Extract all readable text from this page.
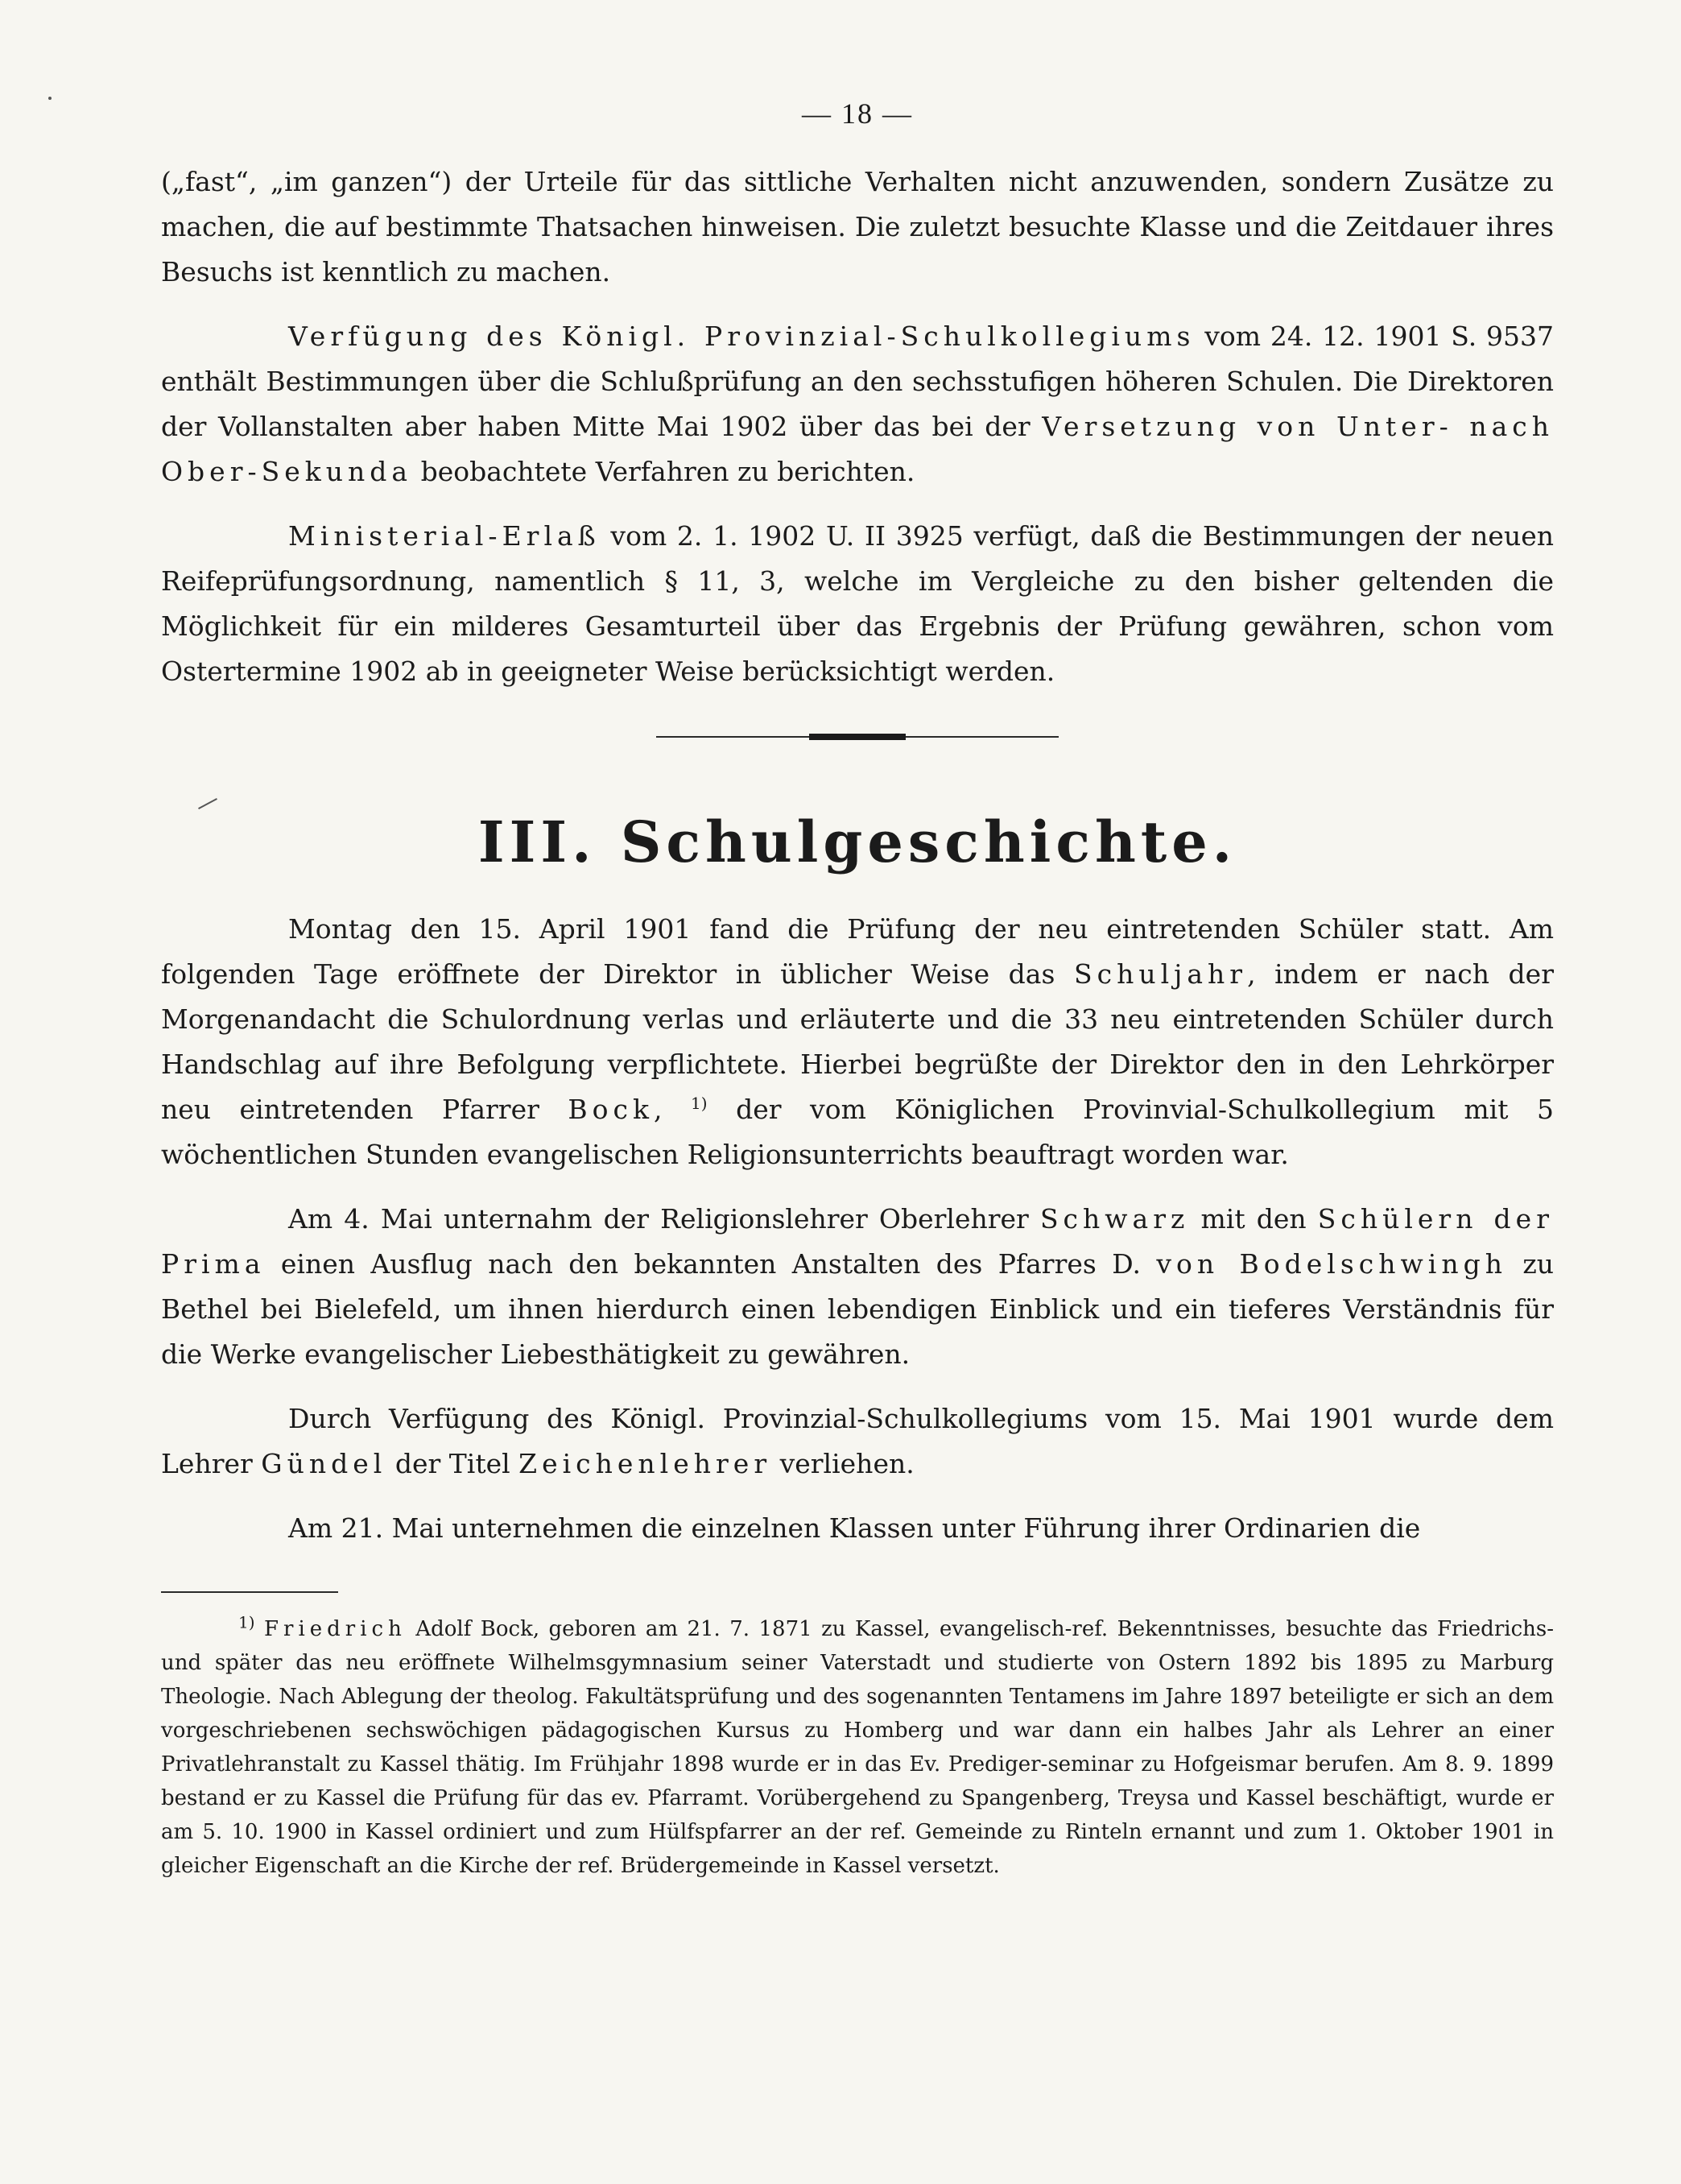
— 18 —

(„fast“, „im ganzen“) der Urteile für das sittliche Verhalten nicht anzuwenden, sondern Zusätze zu machen, die auf bestimmte Thatsachen hinweisen. Die zuletzt besuchte Klasse und die Zeitdauer ihres Besuchs ist kenntlich zu machen.

Verfügung des Königl. Provinzial-Schulkollegiums vom 24. 12. 1901 S. 9537 enthält Bestimmungen über die Schlußprüfung an den sechsstufigen höheren Schulen. Die Direktoren der Vollanstalten aber haben Mitte Mai 1902 über das bei der Versetzung von Unter- nach Ober-Sekunda beobachtete Verfahren zu berichten.

Ministerial-Erlaß vom 2. 1. 1902 U. II 3925 verfügt, daß die Bestimmungen der neuen Reifeprüfungsordnung, namentlich § 11, 3, welche im Vergleiche zu den bisher geltenden die Möglichkeit für ein milderes Gesamturteil über das Ergebnis der Prüfung gewähren, schon vom Ostertermine 1902 ab in geeigneter Weise berücksichtigt werden.

III. Schulgeschichte.

Montag den 15. April 1901 fand die Prüfung der neu eintretenden Schüler statt. Am folgenden Tage eröffnete der Direktor in üblicher Weise das Schuljahr, indem er nach der Morgenandacht die Schulordnung verlas und erläuterte und die 33 neu eintretenden Schüler durch Handschlag auf ihre Befolgung verpflichtete. Hierbei begrüßte der Direktor den in den Lehrkörper neu eintretenden Pfarrer Bock, $^{1)}$ der vom Königlichen Provinvial-Schulkollegium mit 5 wöchentlichen Stunden evangelischen Religionsunterrichts beauftragt worden war.

Am 4. Mai unternahm der Religionslehrer Oberlehrer Schwarz mit den Schülern der Prima einen Ausflug nach den bekannten Anstalten des Pfarres D. von Bodelschwingh zu Bethel bei Bielefeld, um ihnen hierdurch einen lebendigen Einblick und ein tieferes Verständnis für die Werke evangelischer Liebesthätigkeit zu gewähren.

Durch Verfügung des Königl. Provinzial-Schulkollegiums vom 15. Mai 1901 wurde dem Lehrer Gündel der Titel Zeichenlehrer verliehen.

Am 21. Mai unternehmen die einzelnen Klassen unter Führung ihrer Ordinarien die

$^{1)}$ Friedrich Adolf Bock, geboren am 21. 7. 1871 zu Kassel, evangelisch-ref. Bekenntnisses, besuchte das Friedrichs- und später das neu eröffnete Wilhelmsgymnasium seiner Vaterstadt und studierte von Ostern 1892 bis 1895 zu Marburg Theologie. Nach Ablegung der theolog. Fakultätsprüfung und des sogenannten Tentamens im Jahre 1897 beteiligte er sich an dem vorgeschriebenen sechswöchigen pädagogischen Kursus zu Homberg und war dann ein halbes Jahr als Lehrer an einer Privatlehranstalt zu Kassel thätig. Im Frühjahr 1898 wurde er in das Ev. Prediger-seminar zu Hofgeismar berufen. Am 8. 9. 1899 bestand er zu Kassel die Prüfung für das ev. Pfarramt. Vorübergehend zu Spangenberg, Treysa und Kassel beschäftigt, wurde er am 5. 10. 1900 in Kassel ordiniert und zum Hülfspfarrer an der ref. Gemeinde zu Rinteln ernannt und zum 1. Oktober 1901 in gleicher Eigenschaft an die Kirche der ref. Brüdergemeinde in Kassel versetzt.
